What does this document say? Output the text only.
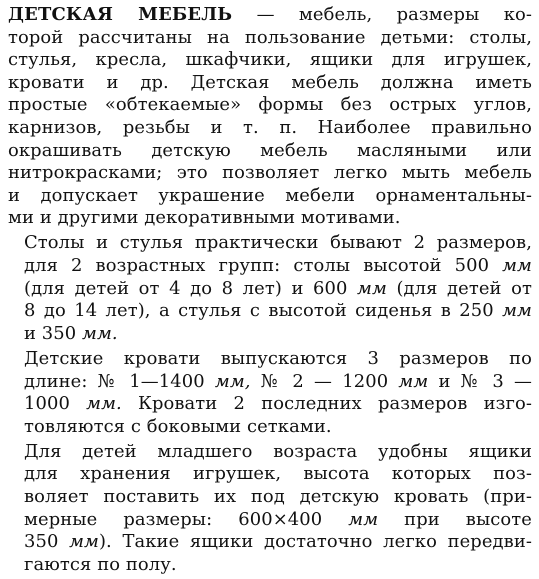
ДЕТСКАЯ МЕБЕЛЬ — мебель, размеры ко-
торой рассчитаны на пользование детьми: столы,
стулья, кресла, шкафчики, ящики для игрушек,
кровати и др. Детская мебель должна иметь
простые «обтекаемые» формы без острых углов,
карнизов, резьбы и т. п. Наиболее правильно
окрашивать детскую мебель масляными или
нитрокрасками; это позволяет легко мыть мебель
и допускает украшение мебели орнаментальны-
ми и другими декоративными мотивами.
Столы и стулья практически бывают 2 размеров,
для 2 возрастных групп: столы высотой 500 мм
(для детей от 4 до 8 лет) и 600 мм (для детей от
8 до 14 лет), а стулья с высотой сиденья в 250 мм
и 350 мм.
Детские кровати выпускаются 3 размеров по
длине: № 1—1400 мм, № 2 — 1200 мм и № 3 —
1000 мм. Кровати 2 последних размеров изго-
товляются с боковыми сетками.
Для детей младшего возраста удобны ящики
для хранения игрушек, высота которых поз-
воляет поставить их под детскую кровать (при-
мерные размеры: 600×400 мм при высоте
350 мм). Такие ящики достаточно легко передви-
гаются по полу.
